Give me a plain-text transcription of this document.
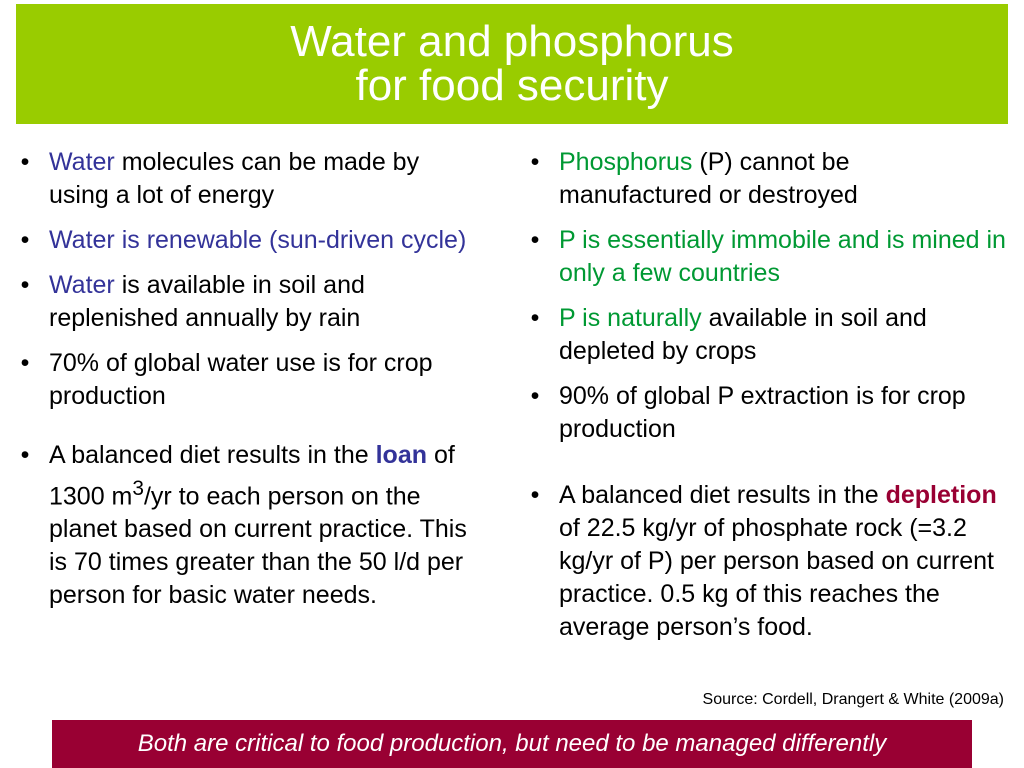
Water and phosphorus
for food security
• Water molecules can be made by using a lot of energy
• Water is renewable (sun-driven cycle)
• Water is available in soil and replenished annually by rain
• 70% of global water use is for crop production
• A balanced diet results in the loan of 1300 $m^3/yr$ to each person on the planet based on current practice. This is 70 times greater than the 50 l/d per person for basic water needs.
• Phosphorus (P) cannot be manufactured or destroyed
• P is essentially immobile and is mined in only a few countries
• P is naturally available in soil and depleted by crops
• 90% of global P extraction is for crop production
• A balanced diet results in the depletion of 22.5 kg/yr of phosphate rock (=3.2 kg/yr of P) per person based on current practice. 0.5 kg of this reaches the average person’s food.
Source: Cordell, Drangert & White (2009a)
Both are critical to food production, but need to be managed differently
